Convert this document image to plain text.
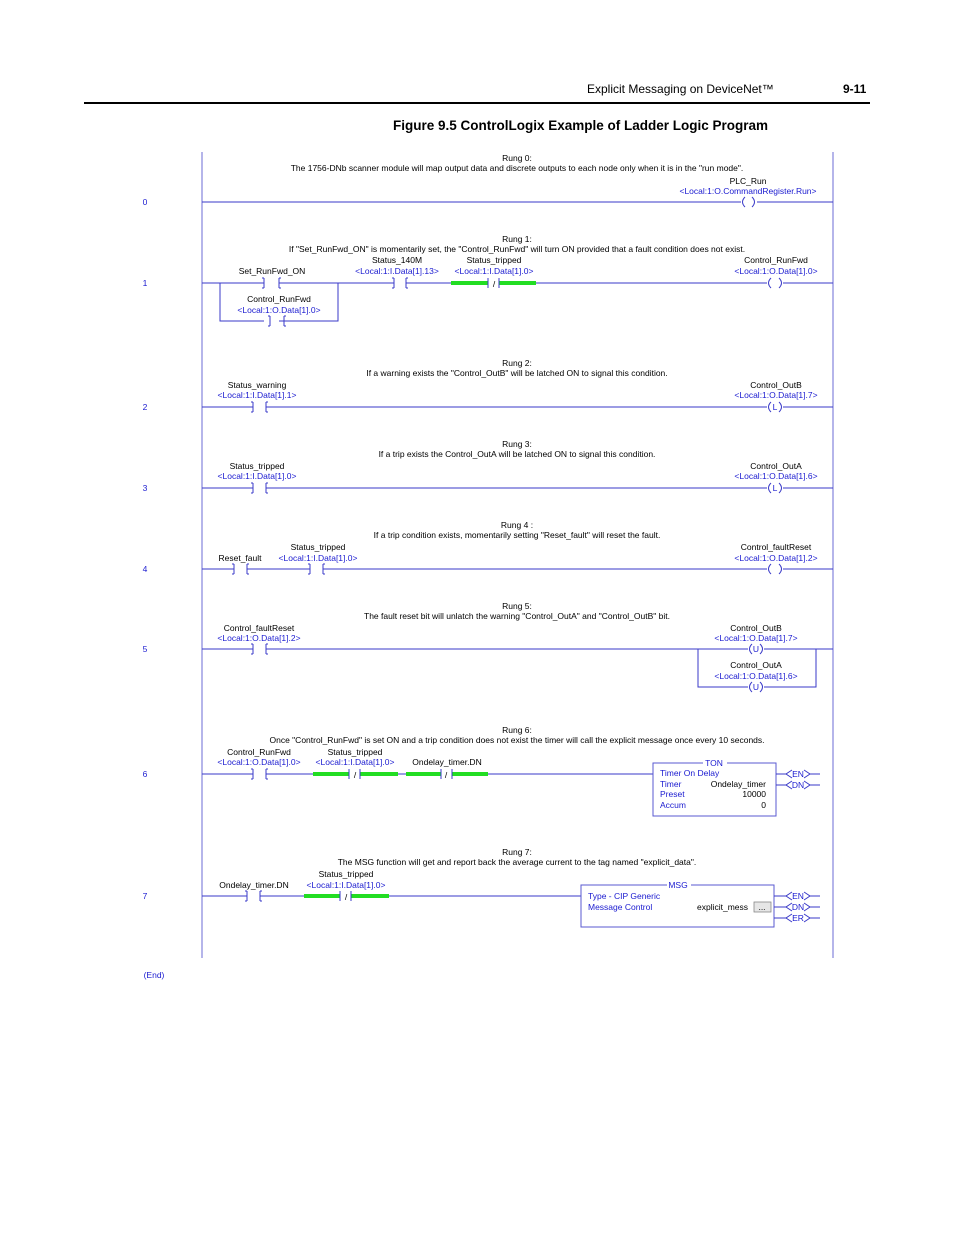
Explicit Messaging on DeviceNet™	9-11
Figure 9.5 ControlLogix Example of Ladder Logic Program
Rung 0:
The 1756-DNb scanner module will map output data and discrete outputs to each node only when it is in the "run mode".
0
PLC_Run
<Local:1:O.CommandRegister.Run>
Rung 1:
If "Set_RunFwd_ON" is momentarily set, the "Control_RunFwd" will turn ON provided that a fault condition does not exist.
1
Set_RunFwd_ON
Status_140M
<Local:1:I.Data[1].13>
Status_tripped
<Local:1:I.Data[1].0>
/
Control_RunFwd
<Local:1:O.Data[1].0>
Control_RunFwd
<Local:1:O.Data[1].0>
Rung 2:
If a warning exists the "Control_OutB" will be latched ON to signal this condition.
2
Status_warning
<Local:1:I.Data[1].1>
Control_OutB
<Local:1:O.Data[1].7>
L
Rung 3:
If a trip exists the Control_OutA will be latched ON to signal this condition.
3
Status_tripped
<Local:1:I.Data[1].0>
Control_OutA
<Local:1:O.Data[1].6>
L
Rung 4 :
If a trip condition exists, momentarily setting "Reset_fault" will reset the fault.
4
Reset_fault
Status_tripped
<Local:1:I.Data[1].0>
Control_faultReset
<Local:1:O.Data[1].2>
Rung 5:
The fault reset bit will unlatch the warning "Control_OutA" and "Control_OutB" bit.
5
Control_faultReset
<Local:1:O.Data[1].2>
Control_OutB
<Local:1:O.Data[1].7>
U
Control_OutA
<Local:1:O.Data[1].6>
U
Rung 6:
Once "Control_RunFwd" is set ON and a trip condition does not exist the timer will call the explicit message once every 10 seconds.
6
Control_RunFwd
<Local:1:O.Data[1].0>
Status_tripped
<Local:1:I.Data[1].0>
/
Ondelay_timer.DN
/
TON
Timer On Delay
Timer	Ondelay_timer
Preset	10000
Accum	0
EN
DN
Rung 7:
The MSG function will get and report back the average current to the tag named "explicit_data".
7
Ondelay_timer.DN
Status_tripped
<Local:1:I.Data[1].0>
/
MSG
Type - CIP Generic
Message Control	explicit_mess ...
EN
DN
ER
(End)
